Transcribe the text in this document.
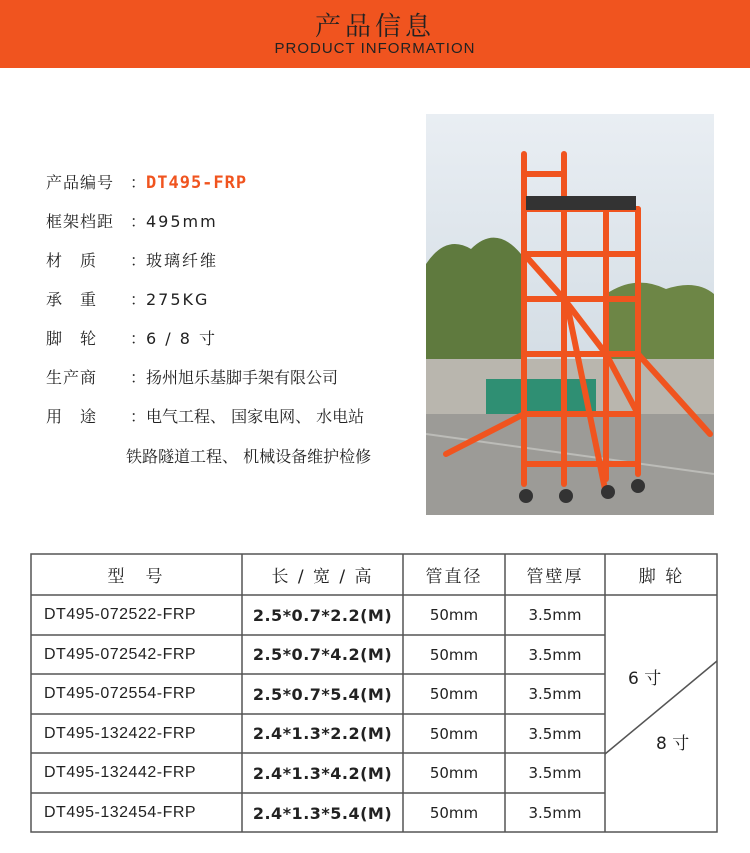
产品信息
PRODUCT INFORMATION
产品编号 ：DT495-FRP
框架档距 ：495mm
材　质 ：玻璃纤维
承　重 ：275KG
脚　轮 ：6 / 8 寸
生产商 ：扬州旭乐基脚手架有限公司
用　途 ：电气工程、 国家电网、 水电站
铁路隧道工程、 机械设备维护检修
型　号	长 / 宽 / 高	管直径	管壁厚	脚 轮
DT495-072522-FRP	2.5*0.7*2.2(M)	50mm	3.5mm
DT495-072542-FRP	2.5*0.7*4.2(M)	50mm	3.5mm
DT495-072554-FRP	2.5*0.7*5.4(M)	50mm	3.5mm
DT495-132422-FRP	2.4*1.3*2.2(M)	50mm	3.5mm
DT495-132442-FRP	2.4*1.3*4.2(M)	50mm	3.5mm
DT495-132454-FRP	2.4*1.3*5.4(M)	50mm	3.5mm
6 寸
8 寸
